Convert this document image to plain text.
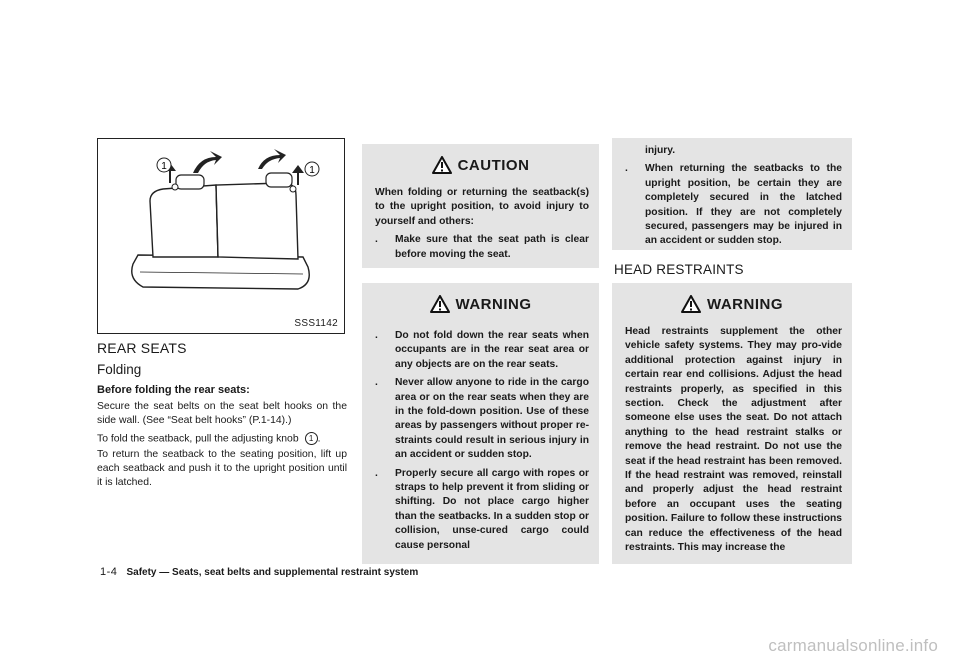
1	1
SSS1142
REAR SEATS
Folding
Before folding the rear seats:
Secure the seat belts on the seat belt hooks on the side wall. (See “Seat belt hooks” (P.1-14).)
To fold the seatback, pull the adjusting knob 1 .
To return the seatback to the seating position, lift up each seatback and push it to the upright position until it is latched.
CAUTION
When folding or returning the seatback(s) to the upright position, to avoid injury to yourself and others:
.	Make sure that the seat path is clear before moving the seat.
WARNING
.	Do not fold down the rear seats when occupants are in the rear seat area or any objects are on the rear seats.
.	Never allow anyone to ride in the cargo area or on the rear seats when they are in the fold-down position. Use of these areas by passengers without proper re-straints could result in serious injury in an accident or sudden stop.
.	Properly secure all cargo with ropes or straps to help prevent it from sliding or shifting. Do not place cargo higher than the seatbacks. In a sudden stop or collision, unse-cured cargo could cause personal
injury.
.	When returning the seatbacks to the upright position, be certain they are completely secured in the latched position. If they are not completely secured, passengers may be injured in an accident or sudden stop.
HEAD RESTRAINTS
WARNING
Head restraints supplement the other vehicle safety systems. They may pro-vide additional protection against injury in certain rear end collisions. Adjust the head restraints properly, as specified in this section. Check the adjustment after someone else uses the seat. Do not attach anything to the head restraint stalks or remove the head restraint. Do not use the seat if the head restraint has been removed. If the head restraint was removed, reinstall and properly adjust the head restraint before an occupant uses the seating position. Failure to follow these instructions can reduce the effectiveness of the head restraints. This may increase the
1-4 Safety — Seats, seat belts and supplemental restraint system
carmanualsonline.info
